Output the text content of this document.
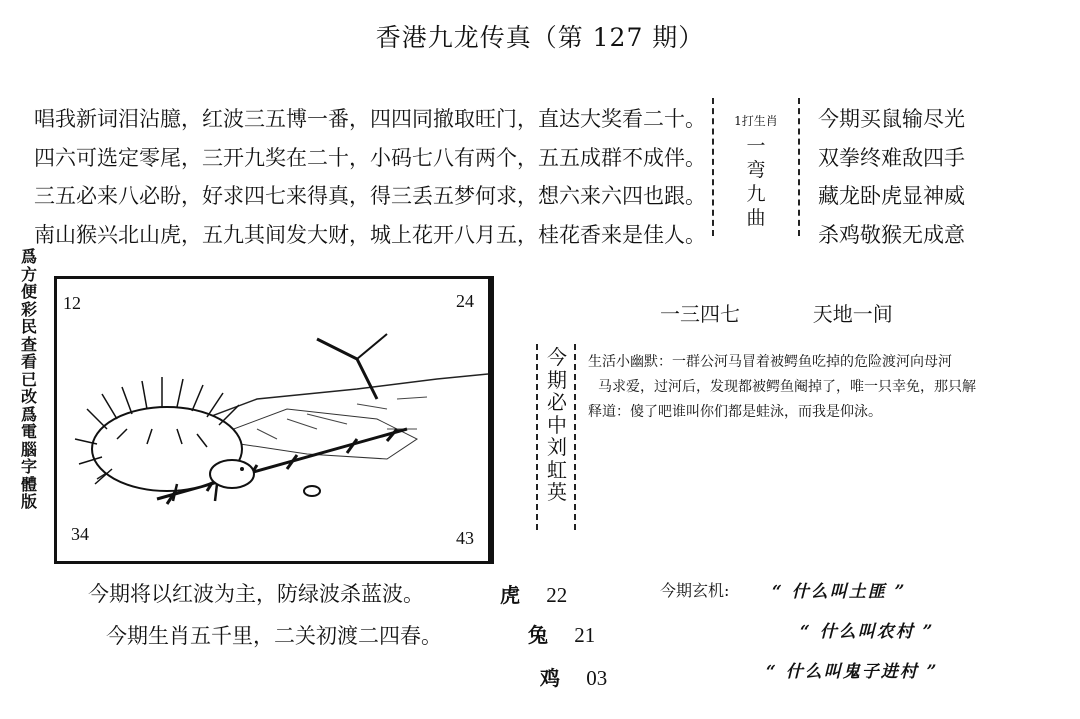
香港九龙传真（第 127 期）
唱我新词泪沾臆，红波三五博一番，四四同撤取旺门，直达大奖看二十。
四六可选定零尾，三开九奖在二十，小码七八有两个，五五成群不成伴。
三五必来八必盼，好求四七来得真，得三丢五梦何求，想六来六四也跟。
南山猴兴北山虎，五九其间发大财，城上花开八月五，桂花香来是佳人。
1打生肖
一弯九曲
今期买鼠输尽光
双拳终难敌四手
藏龙卧虎显神威
杀鸡敬猴无成意
爲方便彩民查看已改爲電腦字體版
12	24
34	43
一三四七	天地一间
今期必中刘虹英
生活小幽默：一群公河马冒着被鳄鱼吃掉的危险渡河向母河
马求爱，过河后，发现都被鳄鱼阉掉了，唯一只幸免，那只解
释道：傻了吧谁叫你们都是蛙泳，而我是仰泳。
今期将以红波为主，防绿波杀蓝波。
今期生肖五千里，二关初渡二四春。
虎 22
兔 21
鸡 03
今期玄机:	“ 什么叫土匪 ”
“ 什么叫农村 ”
“ 什么叫鬼子进村 ”
